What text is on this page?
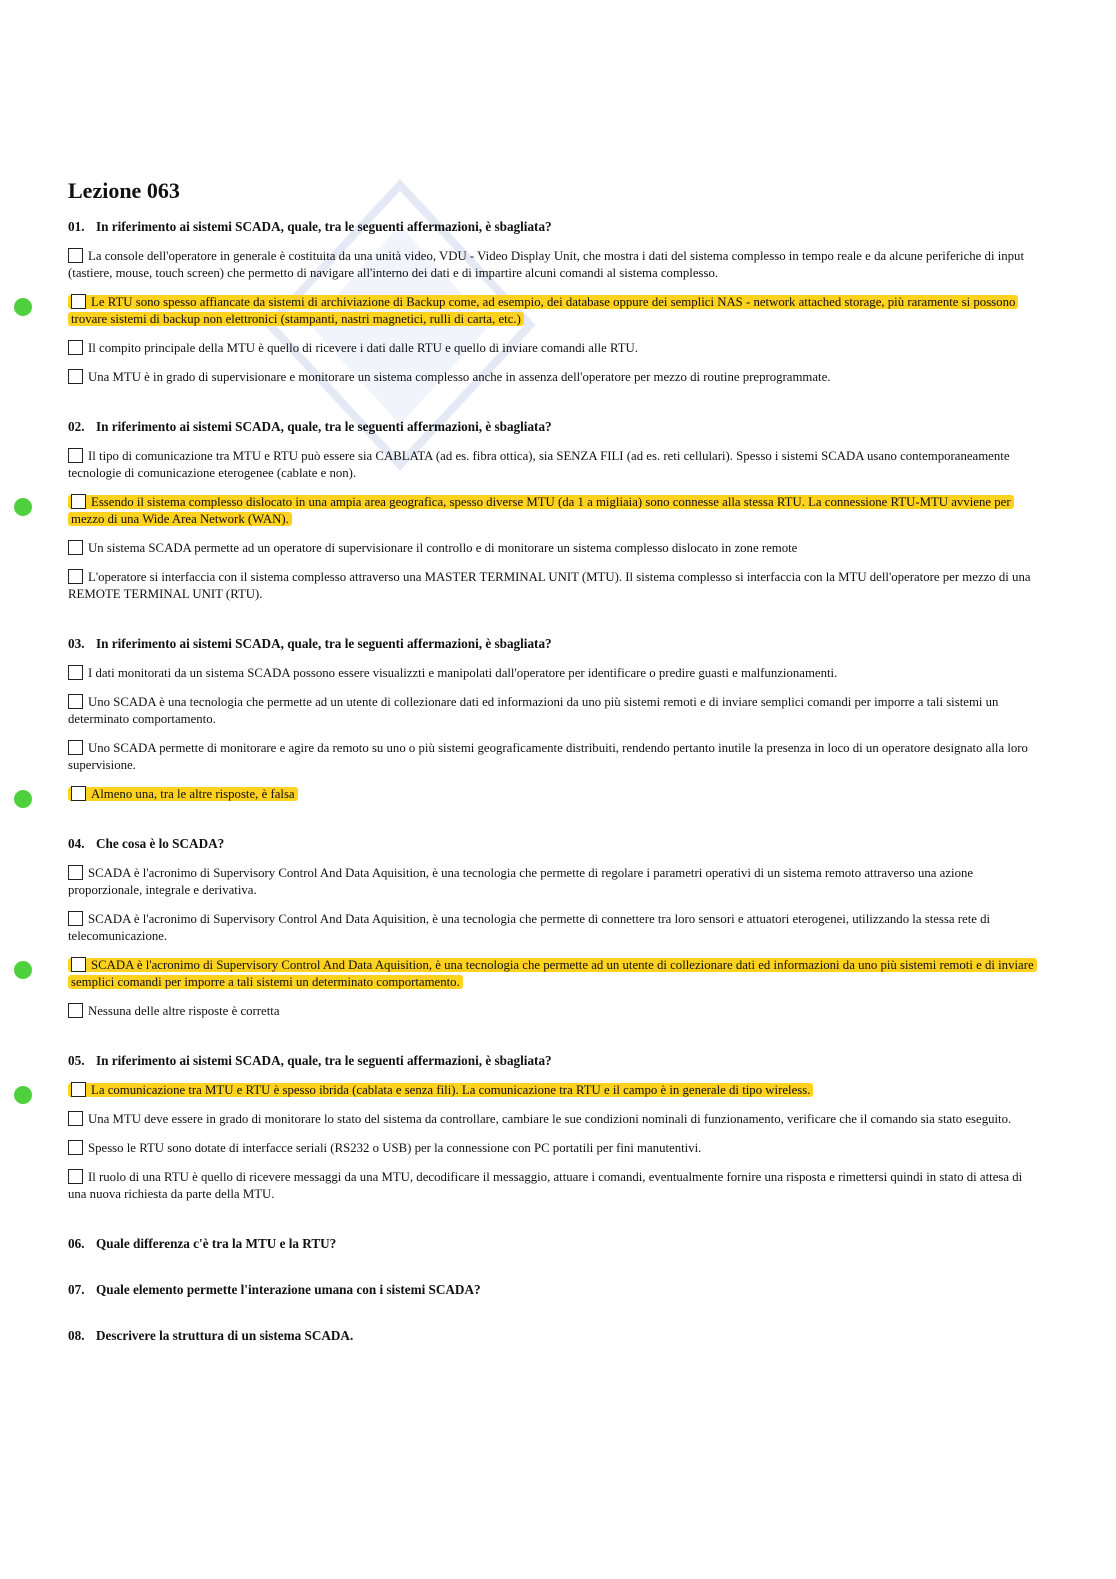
Lezione 063
01. In riferimento ai sistemi SCADA, quale, tra le seguenti affermazioni, è sbagliata?
La console dell'operatore in generale è costituita da una unità video, VDU - Video Display Unit, che mostra i dati del sistema complesso in tempo reale e da alcune periferiche di input (tastiere, mouse, touch screen) che permetto di navigare all'interno dei dati e di impartire alcuni comandi al sistema complesso.
Le RTU sono spesso affiancate da sistemi di archiviazione di Backup come, ad esempio, dei database oppure dei semplici NAS - network attached storage, più raramente si possono trovare sistemi di backup non elettronici (stampanti, nastri magnetici, rulli di carta, etc.)
Il compito principale della MTU è quello di ricevere i dati dalle RTU e quello di inviare comandi alle RTU.
Una MTU è in grado di supervisionare e monitorare un sistema complesso anche in assenza dell'operatore per mezzo di routine preprogrammate.
02. In riferimento ai sistemi SCADA, quale, tra le seguenti affermazioni, è sbagliata?
Il tipo di comunicazione tra MTU e RTU può essere sia CABLATA (ad es. fibra ottica), sia SENZA FILI (ad es. reti cellulari). Spesso i sistemi SCADA usano contemporaneamente tecnologie di comunicazione eterogenee (cablate e non).
Essendo il sistema complesso dislocato in una ampia area geografica, spesso diverse MTU (da 1 a migliaia) sono connesse alla stessa RTU. La connessione RTU-MTU avviene per mezzo di una Wide Area Network (WAN).
Un sistema SCADA permette ad un operatore di supervisionare il controllo e di monitorare un sistema complesso dislocato in zone remote
L'operatore si interfaccia con il sistema complesso attraverso una MASTER TERMINAL UNIT (MTU). Il sistema complesso si interfaccia con la MTU dell'operatore per mezzo di una REMOTE TERMINAL UNIT (RTU).
03. In riferimento ai sistemi SCADA, quale, tra le seguenti affermazioni, è sbagliata?
I dati monitorati da un sistema SCADA possono essere visualizzti e manipolati dall'operatore per identificare o predire guasti e malfunzionamenti.
Uno SCADA è una tecnologia che permette ad un utente di collezionare dati ed informazioni da uno più sistemi remoti e di inviare semplici comandi per imporre a tali sistemi un determinato comportamento.
Uno SCADA permette di monitorare e agire da remoto su uno o più sistemi geograficamente distribuiti, rendendo pertanto inutile la presenza in loco di un operatore designato alla loro supervisione.
Almeno una, tra le altre risposte, è falsa
04. Che cosa è lo SCADA?
SCADA è l'acronimo di Supervisory Control And Data Aquisition, è una tecnologia che permette di regolare i parametri operativi di un sistema remoto attraverso una azione proporzionale, integrale e derivativa.
SCADA è l'acronimo di Supervisory Control And Data Aquisition, è una tecnologia che permette di connettere tra loro sensori e attuatori eterogenei, utilizzando la stessa rete di telecomunicazione.
SCADA è l'acronimo di Supervisory Control And Data Aquisition, è una tecnologia che permette ad un utente di collezionare dati ed informazioni da uno più sistemi remoti e di inviare semplici comandi per imporre a tali sistemi un determinato comportamento.
Nessuna delle altre risposte è corretta
05. In riferimento ai sistemi SCADA, quale, tra le seguenti affermazioni, è sbagliata?
La comunicazione tra MTU e RTU è spesso ibrida (cablata e senza fili). La comunicazione tra RTU e il campo è in generale di tipo wireless.
Una MTU deve essere in grado di monitorare lo stato del sistema da controllare, cambiare le sue condizioni nominali di funzionamento, verificare che il comando sia stato eseguito.
Spesso le RTU sono dotate di interfacce seriali (RS232 o USB) per la connessione con PC portatili per fini manutentivi.
Il ruolo di una RTU è quello di ricevere messaggi da una MTU, decodificare il messaggio, attuare i comandi, eventualmente fornire una risposta e rimettersi quindi in stato di attesa di una nuova richiesta da parte della MTU.
06. Quale differenza c'è tra la MTU e la RTU?
07. Quale elemento permette l'interazione umana con i sistemi SCADA?
08. Descrivere la struttura di un sistema SCADA.
